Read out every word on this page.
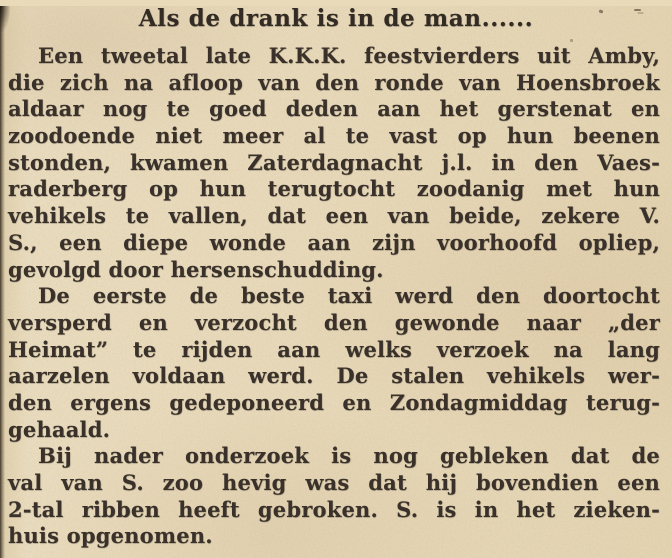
Als de drank is in de man......
Een tweetal late K.K.K. feestvierders uit Amby,
die zich na afloop van den ronde van Hoensbroek
aldaar nog te goed deden aan het gerstenat en
zoodoende niet meer al te vast op hun beenen
stonden, kwamen Zaterdagnacht j.l. in den Vaes-
raderberg op hun terugtocht zoodanig met hun
vehikels te vallen, dat een van beide, zekere V.
S., een diepe wonde aan zijn voorhoofd opliep,
gevolgd door hersenschudding.
De eerste de beste taxi werd den doortocht
versperd en verzocht den gewonde naar „der
Heimat” te rijden aan welks verzoek na lang
aarzelen voldaan werd. De stalen vehikels wer-
den ergens gedeponeerd en Zondagmiddag terug-
gehaald.
Bij nader onderzoek is nog gebleken dat de
val van S. zoo hevig was dat hij bovendien een
2-tal ribben heeft gebroken. S. is in het zieken-
huis opgenomen.
